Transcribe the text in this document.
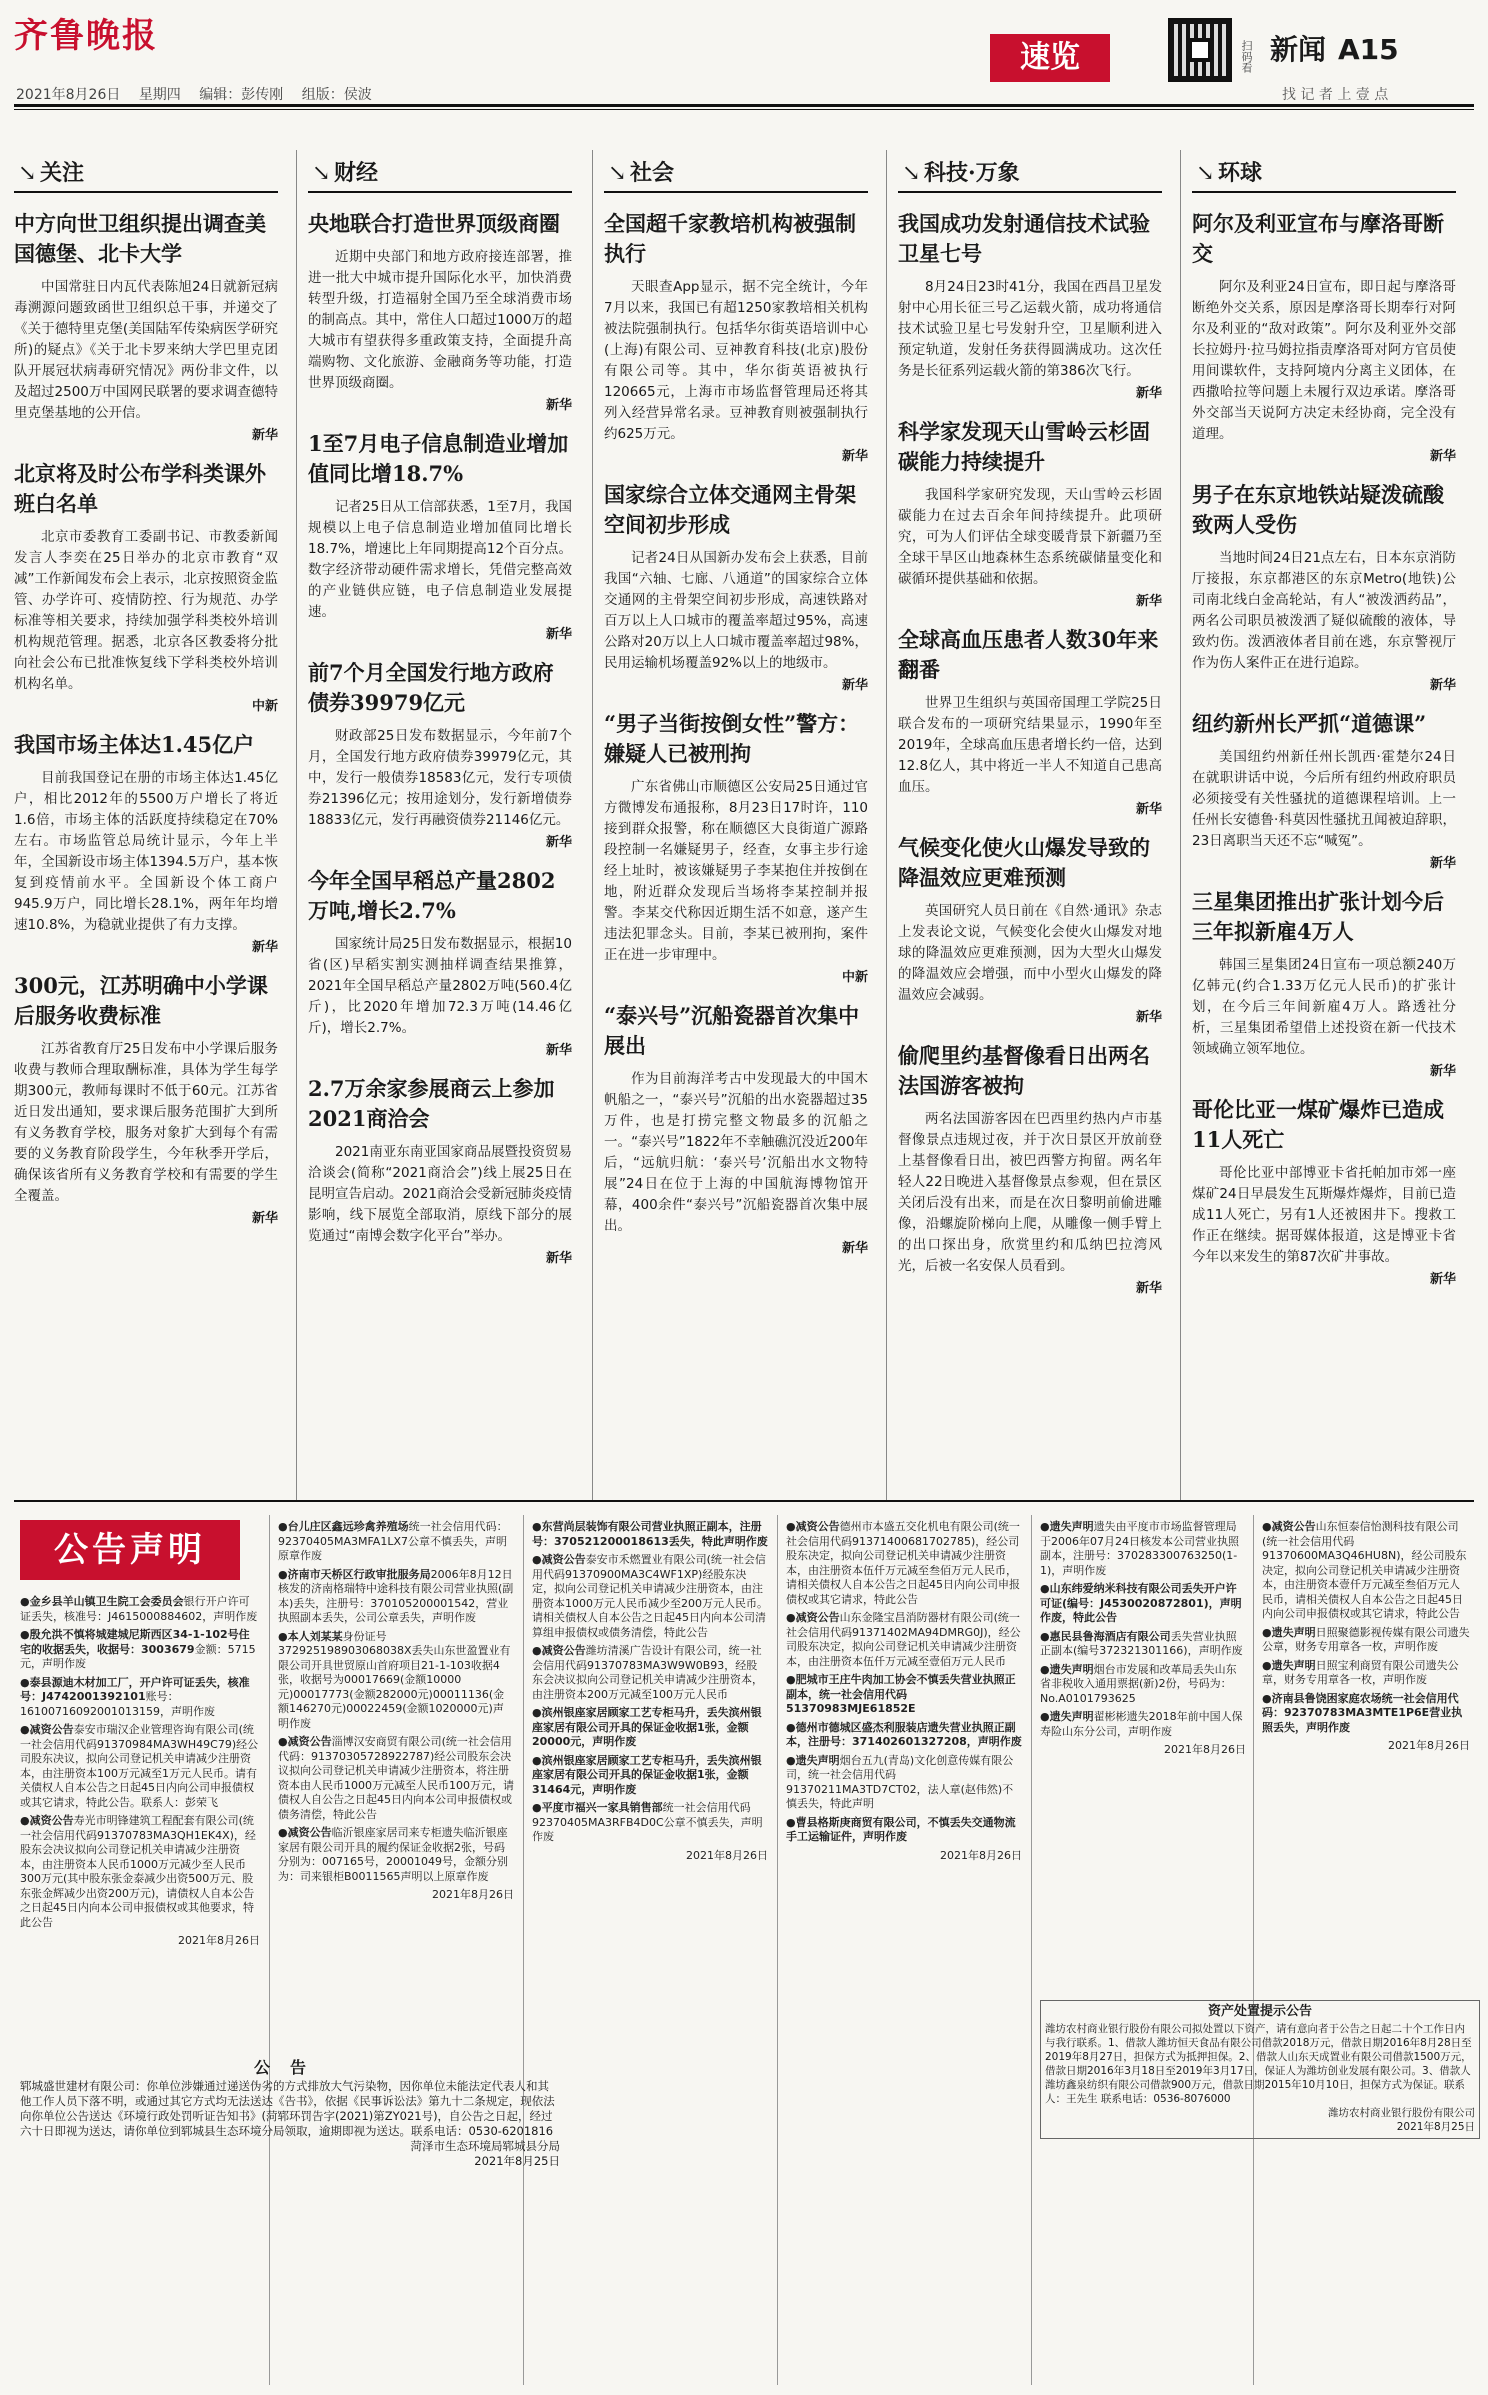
齐鲁晚报
2021年8月26日 星期四 编辑：彭传刚 组版：侯波
速览	扫码看 新闻 A15
找 记 者 上 壹 点
↘ 关注
中方向世卫组织提出调查美国德堡、北卡大学

中国常驻日内瓦代表陈旭24日就新冠病毒溯源问题致函世卫组织总干事，并递交了《关于德特里克堡(美国陆军传染病医学研究所)的疑点》《关于北卡罗来纳大学巴里克团队开展冠状病毒研究情况》两份非文件，以及超过2500万中国网民联署的要求调查德特里克堡基地的公开信。

新华
北京将及时公布学科类课外班白名单

北京市委教育工委副书记、市教委新闻发言人李奕在25日举办的北京市教育“双减”工作新闻发布会上表示，北京按照资金监管、办学许可、疫情防控、行为规范、办学标准等相关要求，持续加强学科类校外培训机构规范管理。据悉，北京各区教委将分批向社会公布已批准恢复线下学科类校外培训机构名单。

中新
我国市场主体达1.45亿户

目前我国登记在册的市场主体达1.45亿户，相比2012年的5500万户增长了将近1.6倍，市场主体的活跃度持续稳定在70%左右。市场监管总局统计显示，今年上半年，全国新设市场主体1394.5万户，基本恢复到疫情前水平。全国新设个体工商户945.9万户，同比增长28.1%，两年年均增速10.8%，为稳就业提供了有力支撑。

新华
300元，江苏明确中小学课后服务收费标准

江苏省教育厅25日发布中小学课后服务收费与教师合理取酬标准，具体为学生每学期300元，教师每课时不低于60元。江苏省近日发出通知，要求课后服务范围扩大到所有义务教育学校，服务对象扩大到每个有需要的义务教育阶段学生，今年秋季开学后，确保该省所有义务教育学校和有需要的学生全覆盖。

新华
↘ 财经
央地联合打造世界顶级商圈

近期中央部门和地方政府接连部署，推进一批大中城市提升国际化水平，加快消费转型升级，打造福射全国乃至全球消费市场的制高点。其中，常住人口超过1000万的超大城市有望获得多重政策支持，全面提升高端购物、文化旅游、金融商务等功能，打造世界顶级商圈。

新华
1至7月电子信息制造业增加值同比增18.7%

记者25日从工信部获悉，1至7月，我国规模以上电子信息制造业增加值同比增长18.7%，增速比上年同期提高12个百分点。数字经济带动硬件需求增长，凭借完整高效的产业链供应链，电子信息制造业发展提速。

新华
前7个月全国发行地方政府债券39979亿元

财政部25日发布数据显示，今年前7个月，全国发行地方政府债券39979亿元，其中，发行一般债券18583亿元，发行专项债券21396亿元；按用途划分，发行新增债券18833亿元，发行再融资债券21146亿元。

新华
今年全国早稻总产量2802万吨,增长2.7%

国家统计局25日发布数据显示，根据10省(区)早稻实割实测抽样调查结果推算，2021年全国早稻总产量2802万吨(560.4亿斤)，比2020年增加72.3万吨(14.46亿斤)，增长2.7%。

新华
2.7万余家参展商云上参加2021商洽会

2021南亚东南亚国家商品展暨投资贸易洽谈会(简称“2021商洽会”)线上展25日在昆明宣告启动。2021商洽会受新冠肺炎疫情影响，线下展览全部取消，原线下部分的展览通过“南博会数字化平台”举办。

新华
↘ 社会
全国超千家教培机构被强制执行

天眼查App显示，据不完全统计，今年7月以来，我国已有超1250家教培相关机构被法院强制执行。包括华尔街英语培训中心(上海)有限公司、豆神教育科技(北京)股份有限公司等。其中，华尔街英语被执行120665元，上海市市场监督管理局还将其列入经营异常名录。豆神教育则被强制执行约625万元。

新华
国家综合立体交通网主骨架空间初步形成

记者24日从国新办发布会上获悉，目前我国“六轴、七廊、八通道”的国家综合立体交通网的主骨架空间初步形成，高速铁路对百万以上人口城市的覆盖率超过95%，高速公路对20万以上人口城市覆盖率超过98%，民用运输机场覆盖92%以上的地级市。

新华
“男子当街按倒女性”警方：嫌疑人已被刑拘

广东省佛山市顺德区公安局25日通过官方微博发布通报称，8月23日17时许，110接到群众报警，称在顺德区大良街道广源路段控制一名嫌疑男子，经查，女事主步行途经上址时，被该嫌疑男子李某抱住并按倒在地，附近群众发现后当场将李某控制并报警。李某交代称因近期生活不如意，遂产生违法犯罪念头。目前，李某已被刑拘，案件正在进一步审理中。

中新
“泰兴号”沉船瓷器首次集中展出

作为目前海洋考古中发现最大的中国木帆船之一，“泰兴号”沉船的出水瓷器超过35万件，也是打捞完整文物最多的沉船之一。“泰兴号”1822年不幸触礁沉没近200年后，“远航归航：‘泰兴号’沉船出水文物特展”24日在位于上海的中国航海博物馆开幕，400余件“泰兴号”沉船瓷器首次集中展出。

新华
↘ 科技·万象
我国成功发射通信技术试验卫星七号

8月24日23时41分，我国在西昌卫星发射中心用长征三号乙运载火箭，成功将通信技术试验卫星七号发射升空，卫星顺利进入预定轨道，发射任务获得圆满成功。这次任务是长征系列运载火箭的第386次飞行。

新华
科学家发现天山雪岭云杉固碳能力持续提升

我国科学家研究发现，天山雪岭云杉固碳能力在过去百余年间持续提升。此项研究，可为人们评估全球变暖背景下新疆乃至全球干旱区山地森林生态系统碳储量变化和碳循环提供基础和依据。

新华
全球高血压患者人数30年来翻番

世界卫生组织与英国帝国理工学院25日联合发布的一项研究结果显示，1990年至2019年，全球高血压患者增长约一倍，达到12.8亿人，其中将近一半人不知道自己患高血压。

新华
气候变化使火山爆发导致的降温效应更难预测

英国研究人员日前在《自然·通讯》杂志上发表论文说，气候变化会使火山爆发对地球的降温效应更难预测，因为大型火山爆发的降温效应会增强，而中小型火山爆发的降温效应会减弱。

新华
偷爬里约基督像看日出两名法国游客被拘

两名法国游客因在巴西里约热内卢市基督像景点违规过夜，并于次日景区开放前登上基督像看日出，被巴西警方拘留。两名年轻人22日晚进入基督像景点参观，但在景区关闭后没有出来，而是在次日黎明前偷进雕像，沿螺旋阶梯向上爬，从雕像一侧手臂上的出口探出身，欣赏里约和瓜纳巴拉湾风光，后被一名安保人员看到。

新华
↘ 环球
阿尔及利亚宣布与摩洛哥断交

阿尔及利亚24日宣布，即日起与摩洛哥断绝外交关系，原因是摩洛哥长期奉行对阿尔及利亚的“敌对政策”。阿尔及利亚外交部长拉姆丹·拉马姆拉指责摩洛哥对阿方官员使用间谍软件，支持阿境内分离主义团体，在西撒哈拉等问题上未履行双边承诺。摩洛哥外交部当天说阿方决定未经协商，完全没有道理。

新华
男子在东京地铁站疑泼硫酸致两人受伤

当地时间24日21点左右，日本东京消防厅接报，东京都港区的东京Metro(地铁)公司南北线白金高轮站，有人“被泼洒药品”，两名公司职员被泼洒了疑似硫酸的液体，导致灼伤。泼洒液体者目前在逃，东京警视厅作为伤人案件正在进行追踪。

新华
纽约新州长严抓“道德课”

美国纽约州新任州长凯西·霍楚尔24日在就职讲话中说，今后所有纽约州政府职员必须接受有关性骚扰的道德课程培训。上一任州长安德鲁·科莫因性骚扰丑闻被迫辞职，23日离职当天还不忘“喊冤”。

新华
三星集团推出扩张计划今后三年拟新雇4万人

韩国三星集团24日宣布一项总额240万亿韩元(约合1.33万亿元人民币)的扩张计划，在今后三年间新雇4万人。路透社分析，三星集团希望借上述投资在新一代技术领域确立领军地位。

新华
哥伦比亚一煤矿爆炸已造成11人死亡

哥伦比亚中部博亚卡省托帕加市郊一座煤矿24日早晨发生瓦斯爆炸爆炸，目前已造成11人死亡，另有1人还被困井下。搜救工作正在继续。据哥媒体报道，这是博亚卡省今年以来发生的第87次矿井事故。

新华
公告声明
●金乡县羊山镇卫生院工会委员会银行开户许可证丢失，核准号：J4615000884602，声明作废
●殷允洪不慎将城建城尼斯西区34-1-102号住宅的收据丢失，收据号：3003679金额：5715元，声明作废
●泰县源迪木材加工厂，开户许可证丢失，核准号：J4742001392101账号：16100716092001013159，声明作废
●减资公告泰安市瑞汉企业管理咨询有限公司(统一社会信用代码91370984MA3WH49C79)经公司股东决议，拟向公司登记机关申请减少注册资本，由注册资本100万元减至1万元人民币。请有关债权人自本公告之日起45日内向公司申报债权或其它请求，特此公告。联系人：彭荣飞
●减资公告寿光市明锋建筑工程配套有限公司(统一社会信用代码91370783MA3QH1EK4X)，经股东会决议拟向公司登记机关申请减少注册资本，由注册资本人民币1000万元减少至人民币300万元(其中股东张金泰减少出资500万元、股东张金辉减少出资200万元)，请债权人自本公告之日起45日内向本公司申报债权或其他要求，特此公告
2021年8月26日
●台儿庄区鑫远珍禽养殖场统一社会信用代码：92370405MA3MFA1LX7公章不慎丢失，声明原章作废
●济南市天桥区行政审批服务局2006年8月12日核发的济南格瑞特中途科技有限公司营业执照(副本)丢失，注册号：370105200001542，营业执照副本丢失，公司公章丢失，声明作废
●本人刘某某身份证号372925198903068038X丢失山东世盈置业有限公司开具世贸原山首府项目21-1-103收据4张，收据号为00017669(金额10000元)00017773(金额282000元)00011136(金额146270元)00022459(金额1020000元)声明作废
●减资公告淄博汉安商贸有限公司(统一社会信用代码：91370305728922787)经公司股东会决议拟向公司登记机关申请减少注册资本，将注册资本由人民币1000万元减至人民币100万元，请债权人自公告之日起45日内向本公司申报债权或债务清偿，特此公告
●减资公告临沂银座家居司来专柜遗失临沂银座家居有限公司开具的履约保证金收据2张，号码分别为：007165号，20001049号，金额分别为：司来银柜B0011565声明以上原章作废
2021年8月26日
●东营尚层装饰有限公司营业执照正副本，注册号：370521200018613丢失，特此声明作废
●减资公告泰安市禾燃置业有限公司(统一社会信用代码91370900MA3C4WF1XP)经股东决定，拟向公司登记机关申请减少注册资本，由注册资本1000万元人民币减少至200万元人民币。请相关债权人自本公告之日起45日内向本公司清算组申报债权或债务清偿，特此公告
●减资公告潍坊清溪广告设计有限公司，统一社会信用代码91370783MA3W9W0B93，经股东会决议拟向公司登记机关申请减少注册资本，由注册资本200万元减至100万元人民币
●滨州银座家居顾家工艺专柜马升，丢失滨州银座家居有限公司开具的保证金收据1张，金额20000元，声明作废
●滨州银座家居顾家工艺专柜马升，丢失滨州银座家居有限公司开具的保证金收据1张，金额31464元，声明作废
●平度市福兴一家具销售部统一社会信用代码92370405MA3RFB4D0C公章不慎丢失，声明作废
2021年8月26日
●减资公告德州市本盛五交化机电有限公司(统一社会信用代码91371400681702785)，经公司股东决定，拟向公司登记机关申请减少注册资本，由注册资本伍仟万元减至叁佰万元人民币，请相关债权人自本公告之日起45日内向公司申报债权或其它请求，特此公告
●减资公告山东金隆宝昌消防器材有限公司(统一社会信用代码91371402MA94DMRG0J)，经公司股东决定，拟向公司登记机关申请减少注册资本，由注册资本伍仟万元减至壹佰万元人民币
●肥城市王庄牛肉加工协会不慎丢失营业执照正副本，统一社会信用代码51370983MJE61852E
●德州市德城区盛杰利服装店遗失营业执照正副本，注册号：371402601327208，声明作废
●遗失声明烟台五九(青岛)文化创意传媒有限公司，统一社会信用代码91370211MA3TD7CT02，法人章(赵伟然)不慎丢失，特此声明
●曹县格斯庚商贸有限公司，不慎丢失交通物流手工运输证件，声明作废
2021年8月26日
●遗失声明遗失由平度市市场监督管理局于2006年07月24日核发本公司营业执照副本，注册号：370283300763250(1-1)，声明作废
●山东纬爱纳米科技有限公司丢失开户许可证(编号：J4530020872801)，声明作废，特此公告
●惠民县鲁海酒店有限公司丢失营业执照正副本(编号372321301166)，声明作废
●遗失声明烟台市发展和改革局丢失山东省非税收入通用票据(新)2份，号码为：No.A0101793625
●遗失声明翟彬彬遗失2018年前中国人保寿险山东分公司，声明作废
2021年8月26日
●减资公告山东恒泰信怡测科技有限公司(统一社会信用代码91370600MA3Q46HU8N)，经公司股东决定，拟向公司登记机关申请减少注册资本，由注册资本壹仟万元减至叁佰万元人民币，请相关债权人自本公告之日起45日内向公司申报债权或其它请求，特此公告
●遗失声明日照聚德影视传媒有限公司遗失公章，财务专用章各一枚，声明作废
●遗失声明日照宝利商贸有限公司遗失公章，财务专用章各一枚，声明作废
●济南县鲁饶困家庭农场统一社会信用代码：92370783MA3MTE1P6E营业执照丢失，声明作废
2021年8月26日
公告
郓城盛世建材有限公司：你单位涉嫌通过递送伪劣的方式排放大气污染物，因你单位未能法定代表人和其他工作人员下落不明，或通过其它方式均无法送达《告书》，依据《民事诉讼法》第九十二条规定，现依法向你单位公告送达《环境行政处罚听证告知书》(菏郓环罚告字(2021)第ZY021号)，自公告之日起，经过六十日即视为送达，请你单位到郓城县生态环境分局领取，逾期即视为送达。联系电话：0530-6201816
菏泽市生态环境局郓城县分局
2021年8月25日
资产处置提示公告
潍坊农村商业银行股份有限公司拟处置以下资产，请有意向者于公告之日起二十个工作日内与我行联系。1、借款人潍坊恒天食品有限公司借款2018万元，借款日期2016年8月28日至2019年8月27日，担保方式为抵押担保。2、借款人山东天成置业有限公司借款1500万元，借款日期2016年3月18日至2019年3月17日，保证人为潍坊创业发展有限公司。3、借款人潍坊鑫泉纺织有限公司借款900万元，借款日期2015年10月10日，担保方式为保证。联系人：王先生 联系电话：0536-8076000
潍坊农村商业银行股份有限公司
2021年8月25日
